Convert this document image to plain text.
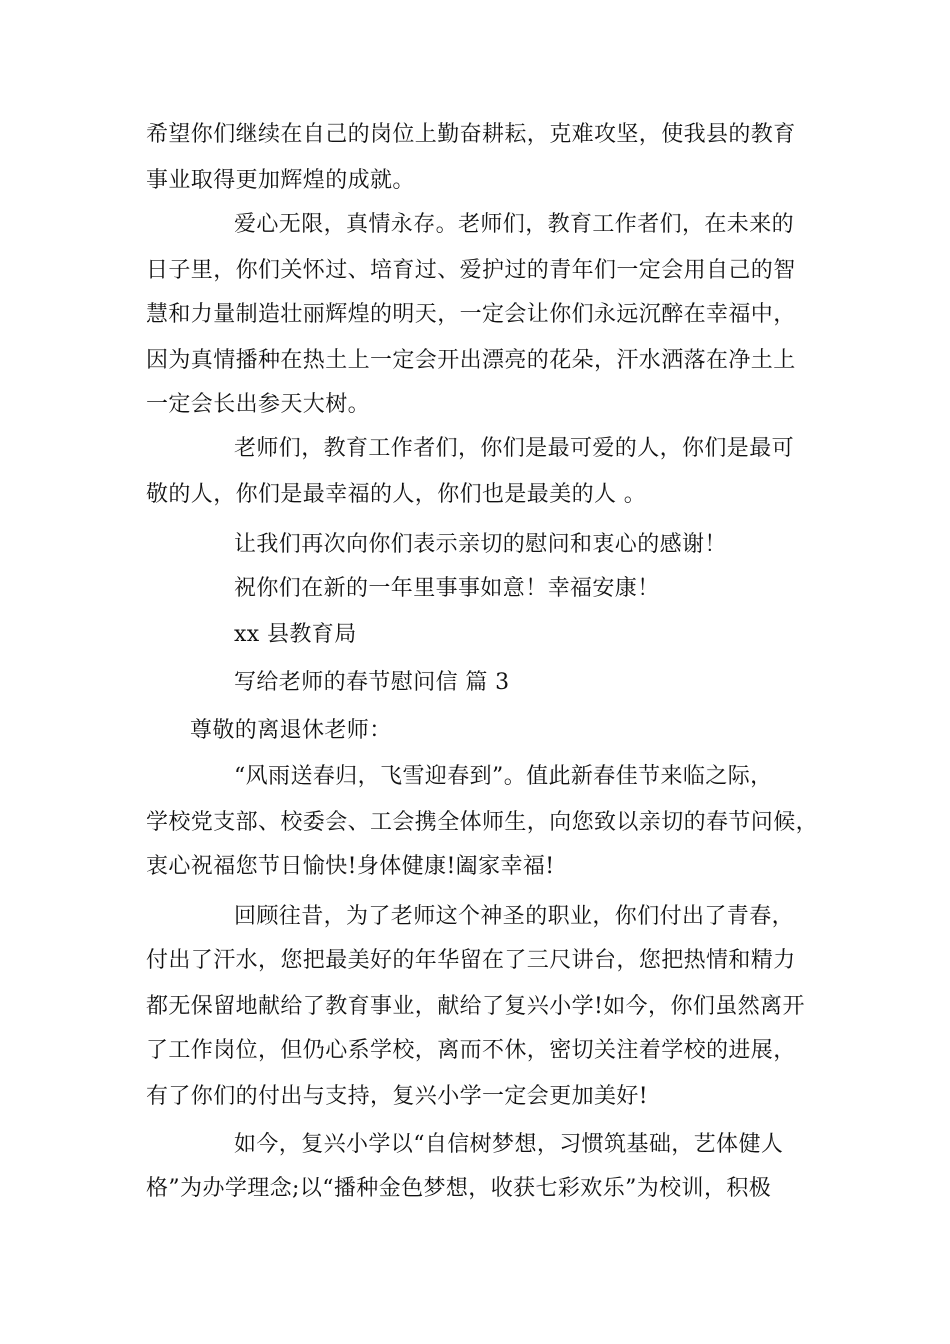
希望你们继续在自己的岗位上勤奋耕耘，克难攻坚，使我县的教育
事业取得更加辉煌的成就。
爱心无限，真情永存。老师们，教育工作者们，在未来的
日子里，你们关怀过、培育过、爱护过的青年们一定会用自己的智
慧和力量制造壮丽辉煌的明天，一定会让你们永远沉醉在幸福中，
因为真情播种在热土上一定会开出漂亮的花朵，汗水洒落在净土上
一定会长出参天大树。
老师们，教育工作者们，你们是最可爱的人，你们是最可
敬的人，你们是最幸福的人，你们也是最美的人 。
让我们再次向你们表示亲切的慰问和衷心的感谢！
祝你们在新的一年里事事如意！幸福安康！
xx 县教育局
写给老师的春节慰问信 篇 3
尊敬的离退休老师：
“风雨送春归，飞雪迎春到”。值此新春佳节来临之际，
学校党支部、校委会、工会携全体师生，向您致以亲切的春节问候，
衷心祝福您节日愉快!身体健康!阖家幸福!
回顾往昔，为了老师这个神圣的职业，你们付出了青春，
付出了汗水，您把最美好的年华留在了三尺讲台，您把热情和精力
都无保留地献给了教育事业，献给了复兴小学!如今，你们虽然离开
了工作岗位，但仍心系学校，离而不休，密切关注着学校的进展，
有了你们的付出与支持，复兴小学一定会更加美好!
如今，复兴小学以“自信树梦想，习惯筑基础，艺体健人
格”为办学理念;以“播种金色梦想，收获七彩欢乐”为校训，积极
